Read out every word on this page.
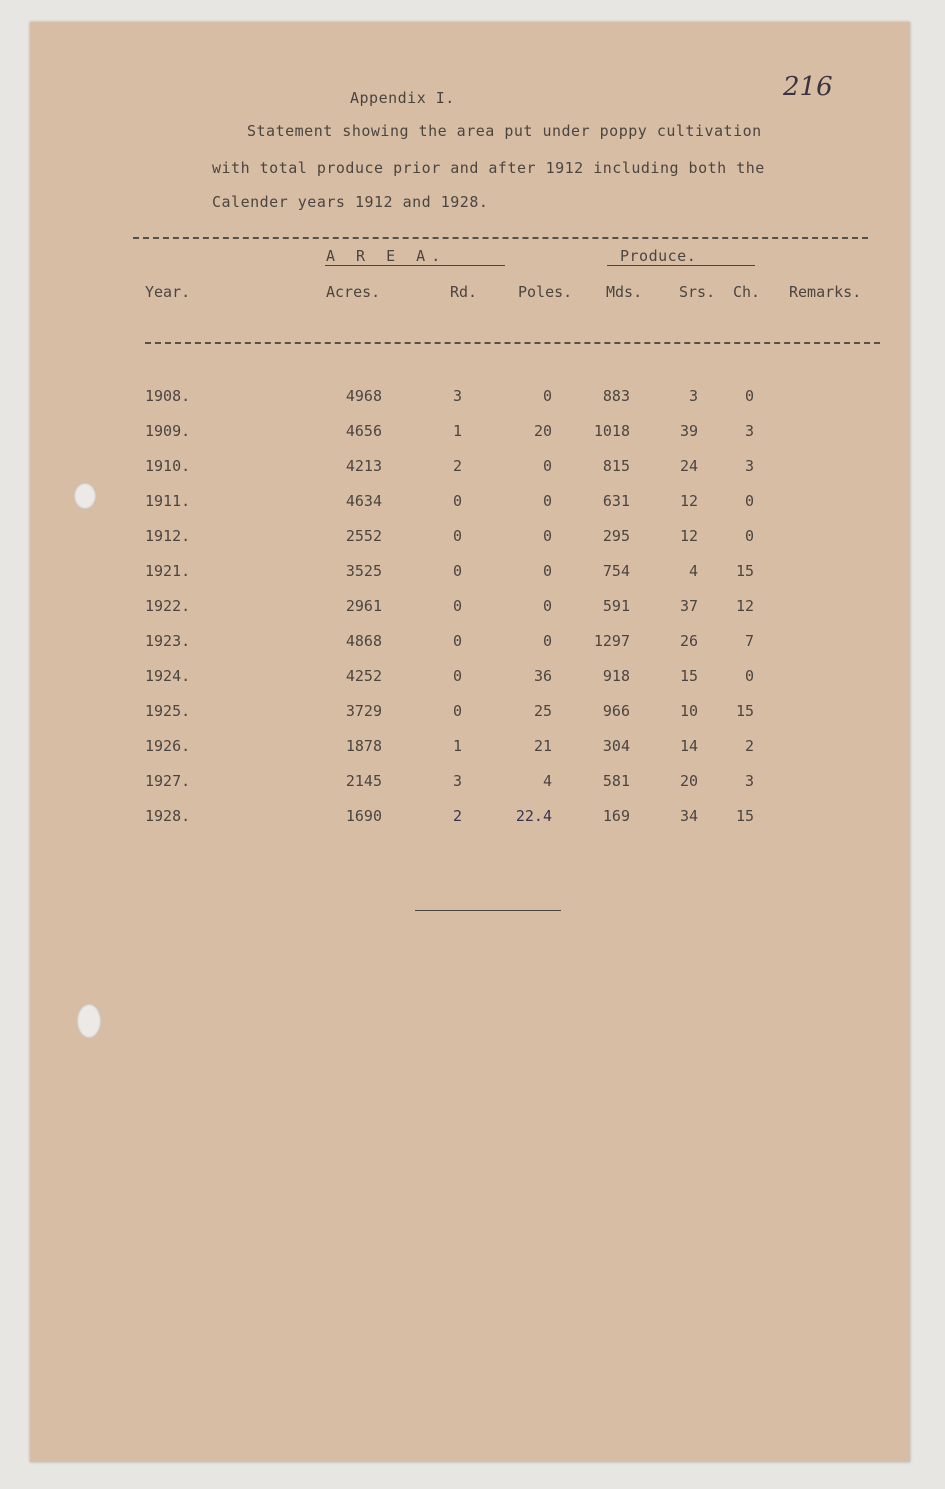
216
Appendix I.
Statement showing the area put under poppy cultivation
with total produce prior and after 1912 including both the
Calender years 1912 and 1928.
A R E A.	Produce.
Year.	Acres.	Rd.	Poles. Mds. Srs. Ch. Remarks.
1908.	4968	3	0	883	3	0
1909.	4656	1	20	1018	39	3
1910.	4213	2	0	815	24	3
1911.	4634	0	0	631	12	0
1912.	2552	0	0	295	12	0
1921.	3525	0	0	754	4	15
1922.	2961	0	0	591	37	12
1923.	4868	0	0	1297	26	7
1924.	4252	0	36	918	15	0
1925.	3729	0	25	966	10	15
1926.	1878	1	21	304	14	2
1927.	2145	3	4	581	20	3
1928.	1690	2	22.4	169	34	15
